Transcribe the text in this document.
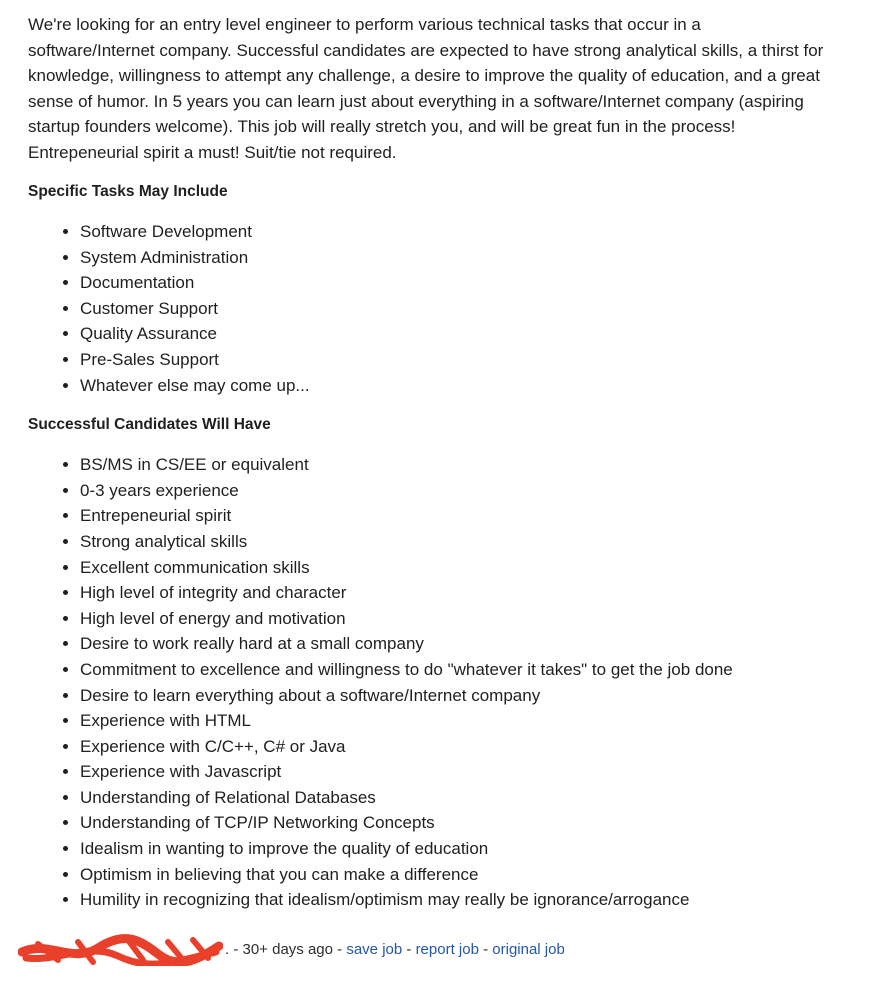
We're looking for an entry level engineer to perform various technical tasks that occur in a software/Internet company. Successful candidates are expected to have strong analytical skills, a thirst for knowledge, willingness to attempt any challenge, a desire to improve the quality of education, and a great sense of humor. In 5 years you can learn just about everything in a software/Internet company (aspiring startup founders welcome). This job will really stretch you, and will be great fun in the process! Entrepeneurial spirit a must! Suit/tie not required.

Specific Tasks May Include
• Software Development
• System Administration
• Documentation
• Customer Support
• Quality Assurance
• Pre-Sales Support
• Whatever else may come up...
Successful Candidates Will Have
• BS/MS in CS/EE or equivalent
• 0-3 years experience
• Entrepeneurial spirit
• Strong analytical skills
• Excellent communication skills
• High level of integrity and character
• High level of energy and motivation
• Desire to work really hard at a small company
• Commitment to excellence and willingness to do "whatever it takes" to get the job done
• Desire to learn everything about a software/Internet company
• Experience with HTML
• Experience with C/C++, C# or Java
• Experience with Javascript
• Understanding of Relational Databases
• Understanding of TCP/IP Networking Concepts
• Idealism in wanting to improve the quality of education
• Optimism in believing that you can make a difference
• Humility in recognizing that idealism/optimism may really be ignorance/arrogance
. - 30+ days ago - save job - report job - original job
